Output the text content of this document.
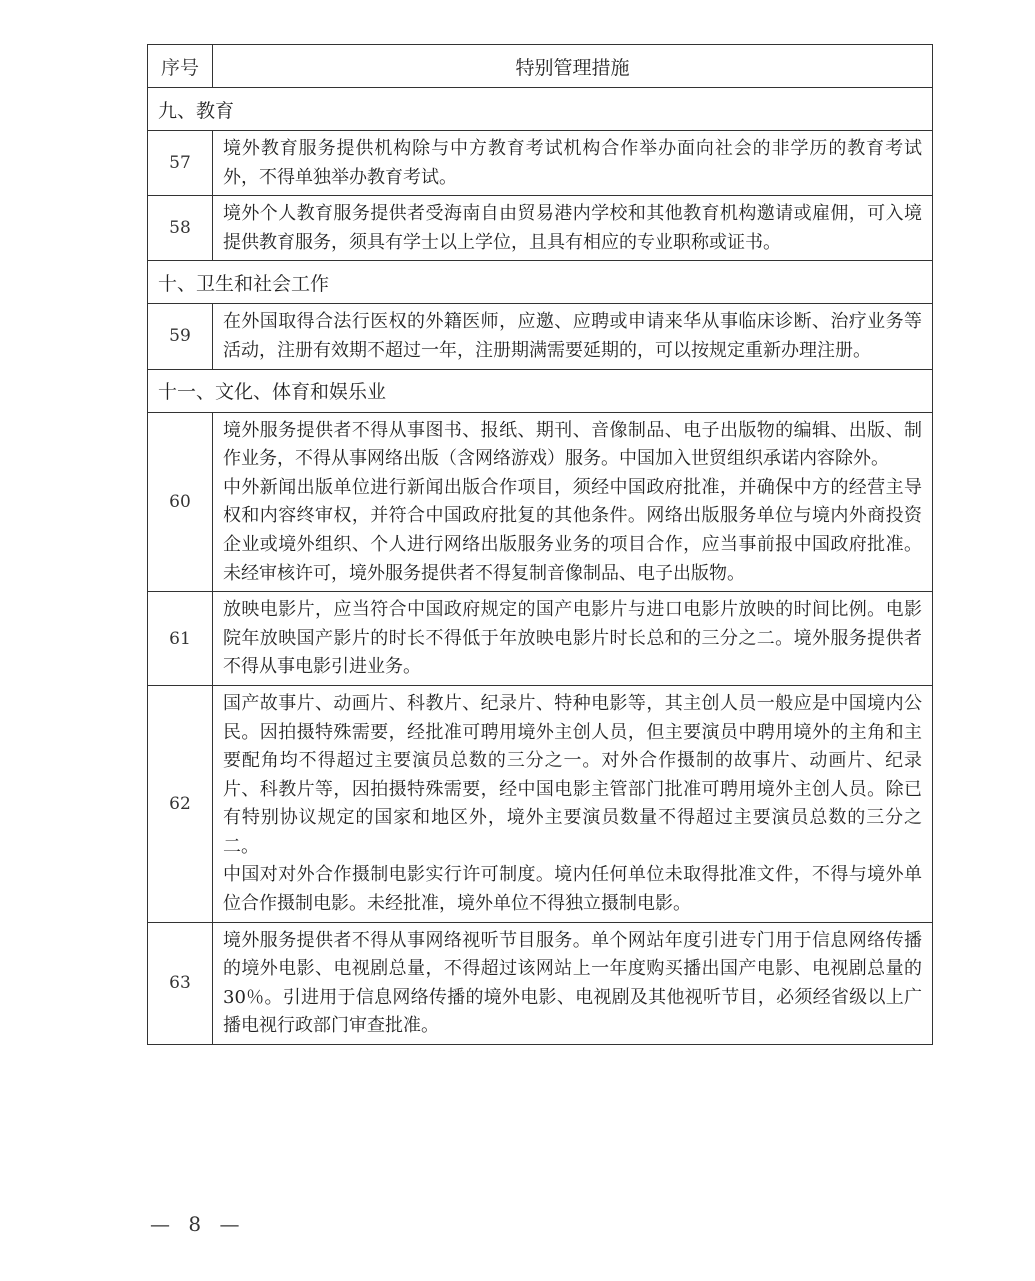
序号	特别管理措施
九、教育	
57	境外教育服务提供机构除与中方教育考试机构合作举办面向社会的非学历的教育考试外，不得单独举办教育考试。

58	境外个人教育服务提供者受海南自由贸易港内学校和其他教育机构邀请或雇佣，可入境提供教育服务，须具有学士以上学位，且具有相应的专业职称或证书。

十、卫生和社会工作	
59	在外国取得合法行医权的外籍医师，应邀、应聘或申请来华从事临床诊断、治疗业务等活动，注册有效期不超过一年，注册期满需要延期的，可以按规定重新办理注册。

十一、文化、体育和娱乐业	
60	境外服务提供者不得从事图书、报纸、期刊、音像制品、电子出版物的编辑、出版、制作业务，不得从事网络出版（含网络游戏）服务。中国加入世贸组织承诺内容除外。
中外新闻出版单位进行新闻出版合作项目，须经中国政府批准，并确保中方的经营主导权和内容终审权，并符合中国政府批复的其他条件。网络出版服务单位与境内外商投资企业或境外组织、个人进行网络出版服务业务的项目合作，应当事前报中国政府批准。未经审核许可，境外服务提供者不得复制音像制品、电子出版物。

61	放映电影片，应当符合中国政府规定的国产电影片与进口电影片放映的时间比例。电影院年放映国产影片的时长不得低于年放映电影片时长总和的三分之二。境外服务提供者不得从事电影引进业务。

62	国产故事片、动画片、科教片、纪录片、特种电影等，其主创人员一般应是中国境内公民。因拍摄特殊需要，经批准可聘用境外主创人员，但主要演员中聘用境外的主角和主要配角均不得超过主要演员总数的三分之一。对外合作摄制的故事片、动画片、纪录片、科教片等，因拍摄特殊需要，经中国电影主管部门批准可聘用境外主创人员。除已有特别协议规定的国家和地区外，境外主要演员数量不得超过主要演员总数的三分之二。
中国对对外合作摄制电影实行许可制度。境内任何单位未取得批准文件，不得与境外单位合作摄制电影。未经批准，境外单位不得独立摄制电影。

63	境外服务提供者不得从事网络视听节目服务。单个网站年度引进专门用于信息网络传播的境外电影、电视剧总量，不得超过该网站上一年度购买播出国产电影、电视剧总量的30％。引进用于信息网络传播的境外电影、电视剧及其他视听节目，必须经省级以上广播电视行政部门审查批准。
— 8 —
